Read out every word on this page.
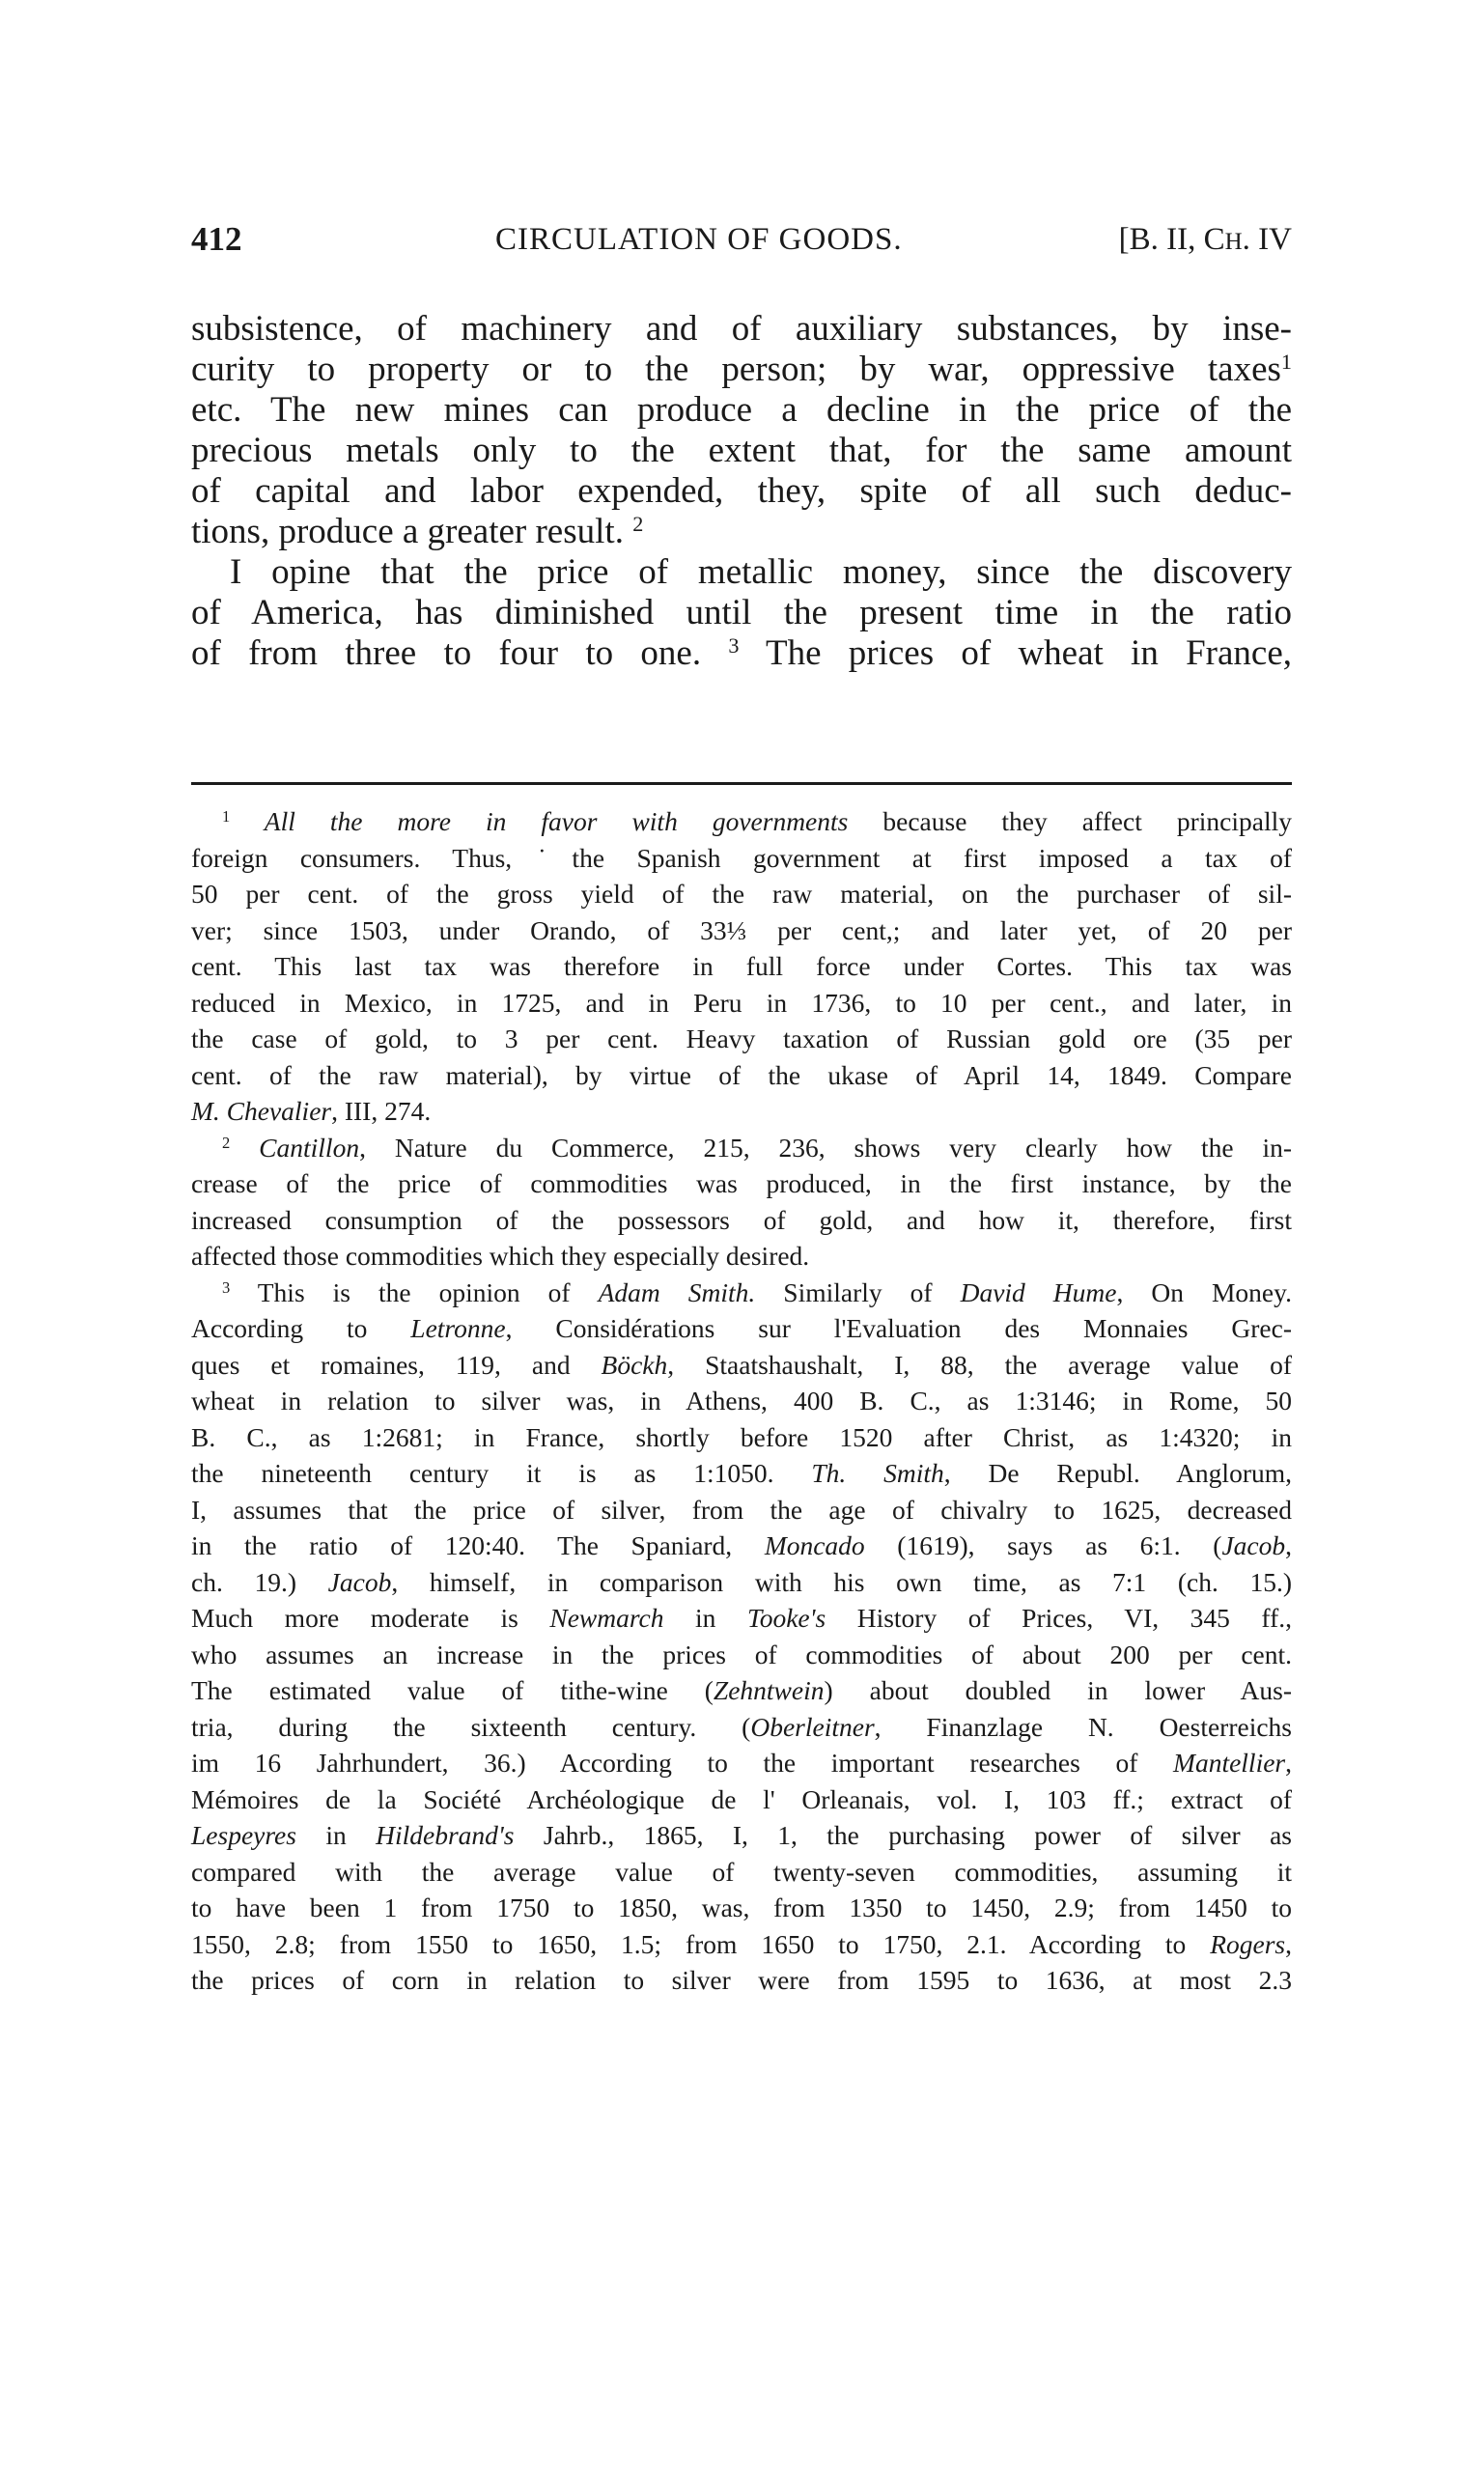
412	CIRCULATION OF GOODS.	[B. II, CH. IV
subsistence, of machinery and of auxiliary substances, by inse-
curity to property or to the person; by war, oppressive taxes$^1$
etc. The new mines can produce a decline in the price of the
precious metals only to the extent that, for the same amount
of capital and labor expended, they, spite of all such deduc-
tions, produce a greater result. $^2$
I opine that the price of metallic money, since the discovery
of America, has diminished until the present time in the ratio
of from three to four to one. $^3$ The prices of wheat in France,
$^1$ All the more in favor with governments because they affect principally
foreign consumers. Thus,˙the Spanish government at first imposed a tax of
50 per cent. of the gross yield of the raw material, on the purchaser of sil-
ver; since 1503, under Orando, of 33⅓ per cent,; and later yet, of 20 per
cent. This last tax was therefore in full force under Cortes. This tax was
reduced in Mexico, in 1725, and in Peru in 1736, to 10 per cent., and later, in
the case of gold, to 3 per cent. Heavy taxation of Russian gold ore (35 per
cent. of the raw material), by virtue of the ukase of April 14, 1849. Compare
M. Chevalier, III, 274.
$^2$ Cantillon, Nature du Commerce, 215, 236, shows very clearly how the in-
crease of the price of commodities was produced, in the first instance, by the
increased consumption of the possessors of gold, and how it, therefore, first
affected those commodities which they especially desired.
$^3$ This is the opinion of Adam Smith. Similarly of David Hume, On Money.
According to Letronne, Considérations sur l'Evaluation des Monnaies Grec-
ques et romaines, 119, and Böckh, Staatshaushalt, I, 88, the average value of
wheat in relation to silver was, in Athens, 400 B. C., as 1:3146; in Rome, 50
B. C., as 1:2681; in France, shortly before 1520 after Christ, as 1:4320; in
the nineteenth century it is as 1:1050. Th. Smith, De Republ. Anglorum,
I, assumes that the price of silver, from the age of chivalry to 1625, decreased
in the ratio of 120:40. The Spaniard, Moncado (1619), says as 6:1. (Jacob,
ch. 19.) Jacob, himself, in comparison with his own time, as 7:1 (ch. 15.)
Much more moderate is Newmarch in Tooke's History of Prices, VI, 345 ff.,
who assumes an increase in the prices of commodities of about 200 per cent.
The estimated value of tithe-wine (Zehntwein) about doubled in lower Aus-
tria, during the sixteenth century. (Oberleitner, Finanzlage N. Oesterreichs
im 16 Jahrhundert, 36.) According to the important researches of Mantellier,
Mémoires de la Société Archéologique de l' Orleanais, vol. I, 103 ff.; extract of
Lespeyres in Hildebrand's Jahrb., 1865, I, 1, the purchasing power of silver as
compared with the average value of twenty-seven commodities, assuming it
to have been 1 from 1750 to 1850, was, from 1350 to 1450, 2.9; from 1450 to
1550, 2.8; from 1550 to 1650, 1.5; from 1650 to 1750, 2.1. According to Rogers,
the prices of corn in relation to silver were from 1595 to 1636, at most 2.3
